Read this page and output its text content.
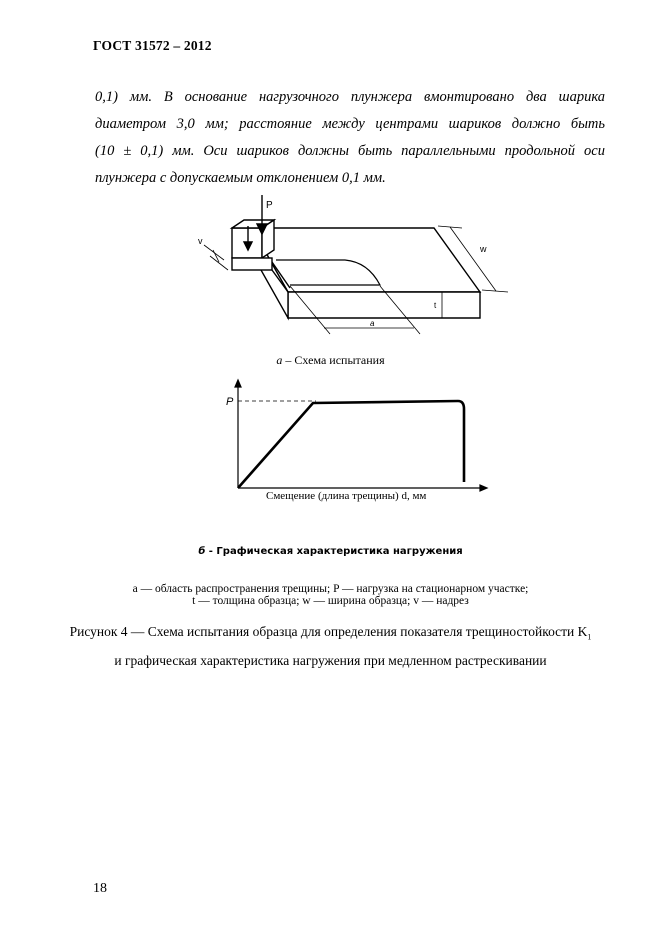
ГОСТ 31572 – 2012
0,1) мм. В основание нагрузочного плунжера вмонтировано два шарика
диаметром 3,0 мм; расстояние между центрами шариков должно быть
(10 ± 0,1) мм. Оси шариков должны быть параллельными продольной оси
плунжера с допускаемым отклонением 0,1 мм.
P
v
w
t
a
а – Схема испытания
P
Смещение (длина трещины) d, мм
б - Графическая характеристика нагружения
а — область распространения трещины; P — нагрузка на стационарном участке;
t — толщина образца; w — ширина образца; v — надрез
Рисунок 4 — Схема испытания образца для определения показателя трещиностойкости $K_1$
и графическая характеристика нагружения при медленном растрескивании
18
